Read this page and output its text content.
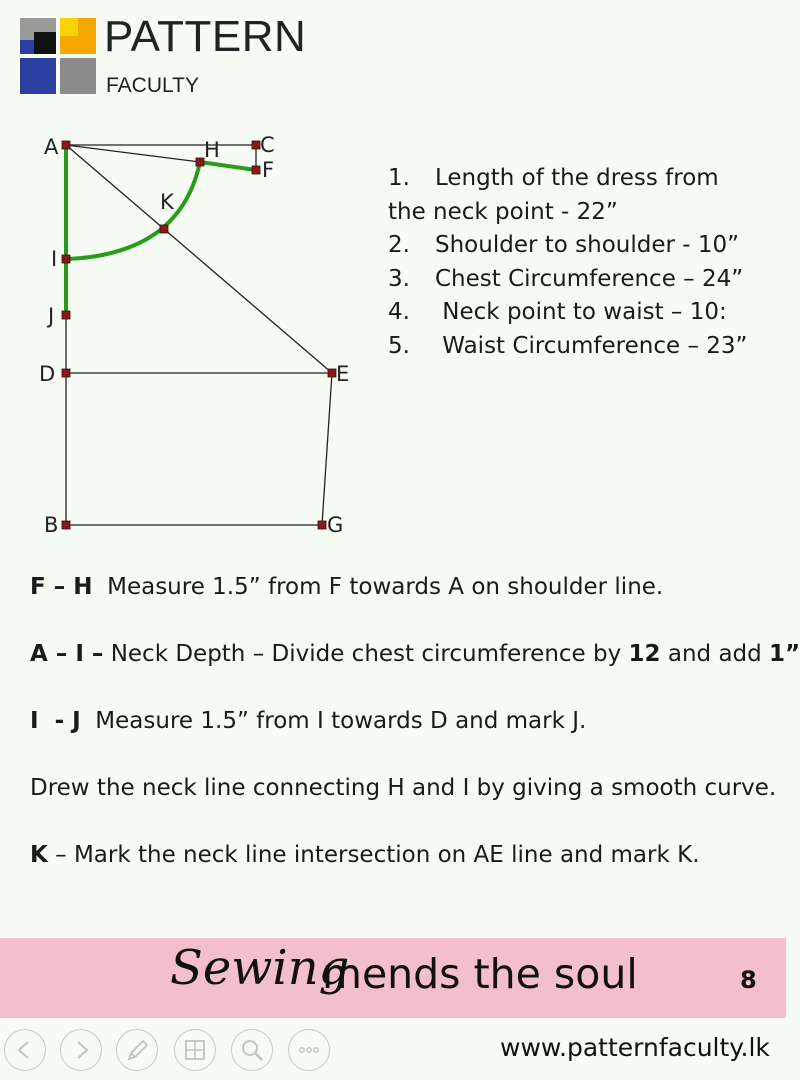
PATTERN
FACULTY
A	C
H
F
K
I
J
D	E
B	G
1.	Length of the dress from
the neck point - 22”
2.	Shoulder to shoulder - 10”
3.	Chest Circumference – 24”
4.	Neck point to waist – 10:
5.	Waist Circumference – 23”
F – H  Measure 1.5” from F towards A on shoulder line.
A – I – Neck Depth – Divide chest circumference by 12 and add 1”
I  - J  Measure 1.5” from I towards D and mark J.
Drew the neck line connecting H and I by giving a smooth curve.
K – Mark the neck line intersection on AE line and mark K.
Sewing
mends the soul	8
www.patternfaculty.lk
